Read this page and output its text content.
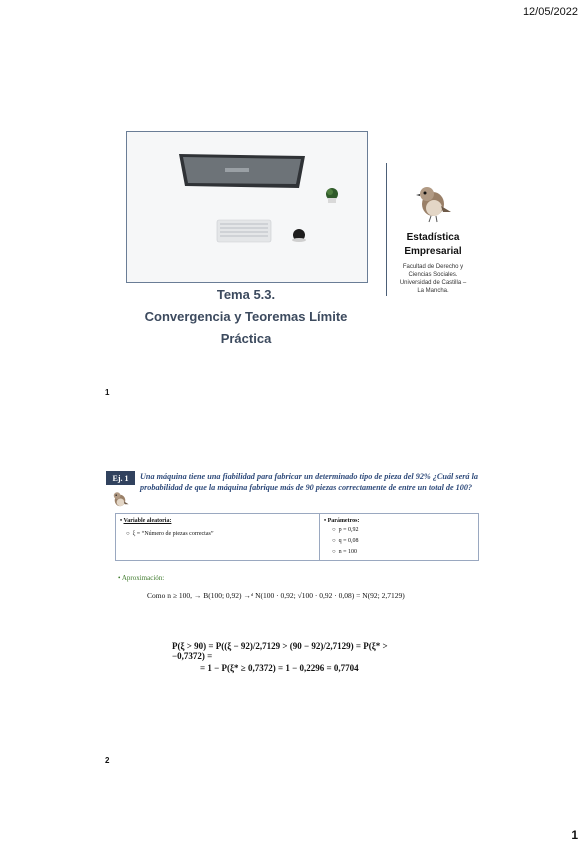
12/05/2022
Tema 5.3.
Convergencia y Teoremas Límite
Práctica
Estadística
Empresarial
Facultad de Derecho y
Ciencias Sociales.
Universidad de Castilla –
La Mancha.
1
Ej. 1	Una máquina tiene una fiabilidad para fabricar un determinado tipo de pieza del 92% ¿Cuál será la probabilidad de que la máquina fabrique más de 90 piezas correctamente de entre un total de 100?
• Variable aleatoria:
○  ξ = “Número de piezas correctas”
• Parámetros:
○  p = 0,92
○  q = 0,08
○  n = 100
• Aproximación:
Como n ≥ 100, → B(100; 0,92) →ᵈ N(100 · 0,92; √100 · 0,92 · 0,08) = N(92; 2,7129)
P(ξ > 90) = P((ξ − 92)/2,7129 > (90 − 92)/2,7129) = P(ξ* > −0,7372) =
= 1 − P(ξ* ≥ 0,7372) = 1 − 0,2296 = 0,7704
2
1
